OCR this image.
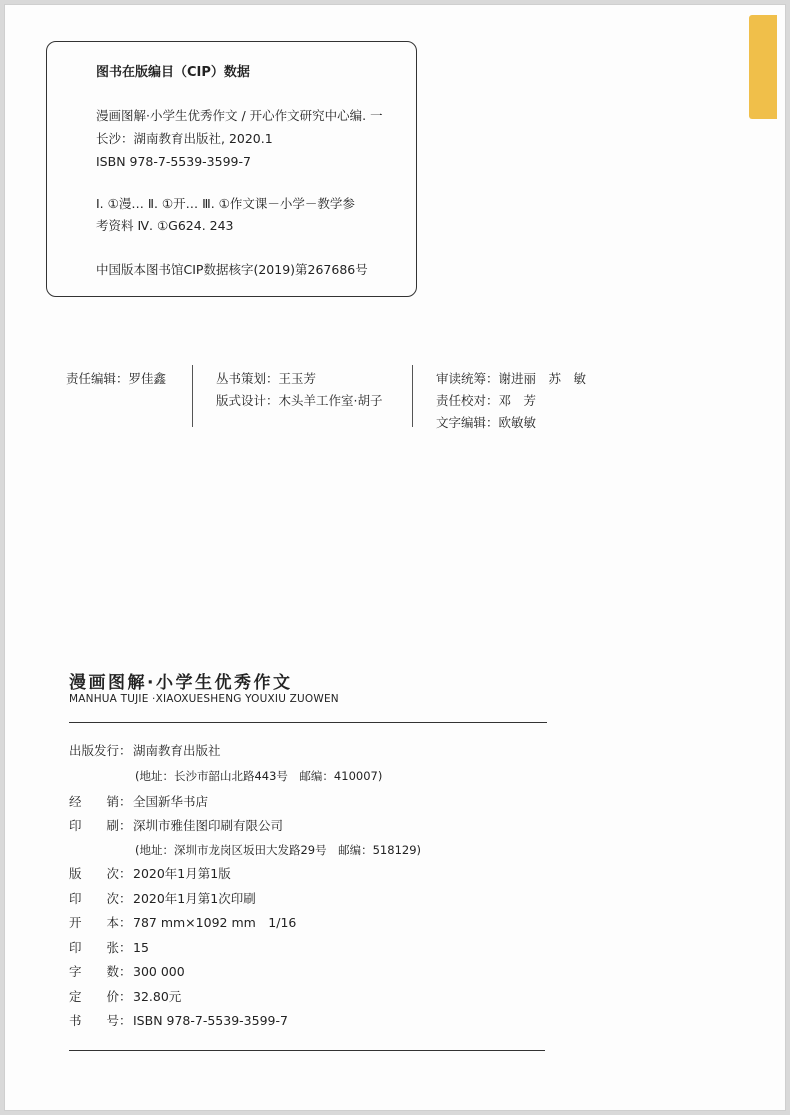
图书在版编目（CIP）数据
漫画图解·小学生优秀作文 / 开心作文研究中心编. 一
长沙：湖南教育出版社, 2020.1
ISBN 978-7-5539-3599-7
Ⅰ. ①漫… Ⅱ. ①开… Ⅲ. ①作文课－小学－教学参
考资料 Ⅳ. ①G624. 243
中国版本图书馆CIP数据核字(2019)第267686号
责任编辑：罗佳鑫	丛书策划：王玉芳
版式设计：木头羊工作室·胡子
审读统筹：谢进丽　苏　敏
责任校对：邓　芳
文字编辑：欧敏敏
漫画图解·小学生优秀作文
MANHUA TUJIE ·XIAOXUESHENG YOUXIU ZUOWEN
出版发行：湖南教育出版社
(地址：长沙市韶山北路443号　邮编：410007)
经　　销：全国新华书店
印　　刷：深圳市雅佳图印刷有限公司
(地址：深圳市龙岗区坂田大发路29号　邮编：518129)
版　　次：2020年1月第1版
印　　次：2020年1月第1次印刷
开　　本：787 mm×1092 mm　1/16
印　　张：15
字　　数：300 000
定　　价：32.80元
书　　号：ISBN 978-7-5539-3599-7
